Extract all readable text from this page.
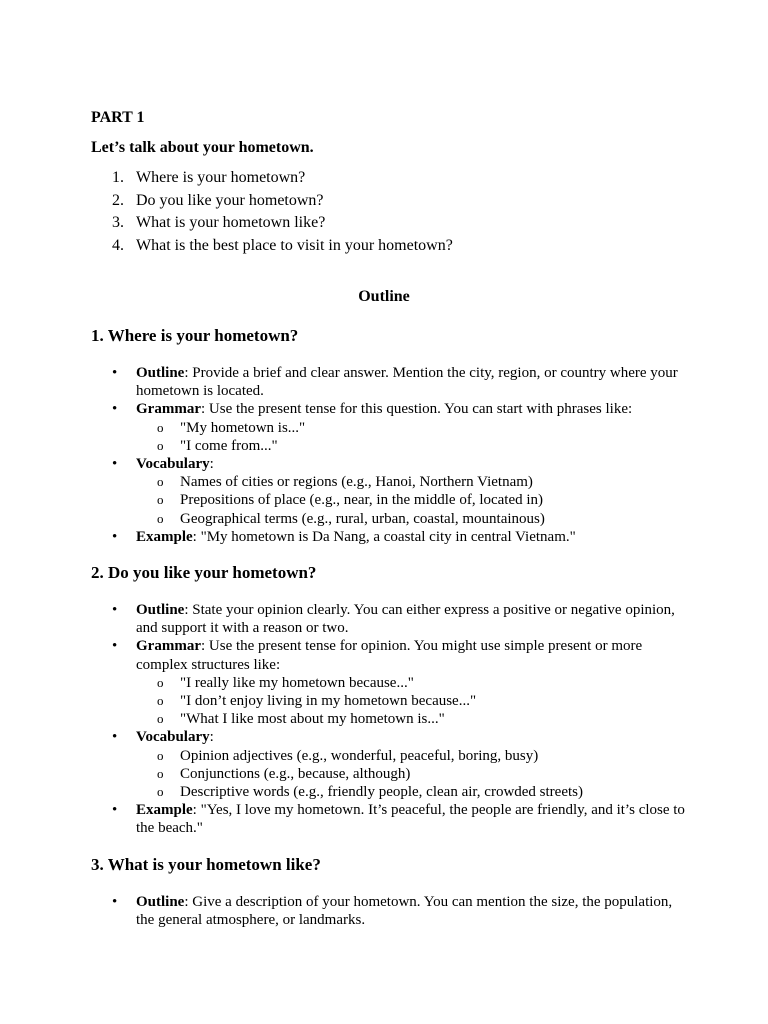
PART 1
Let’s talk about your hometown.
1. Where is your hometown?
2. Do you like your hometown?
3. What is your hometown like?
4. What is the best place to visit in your hometown?
Outline
1. Where is your hometown?
•	Outline: Provide a brief and clear answer. Mention the city, region, or country where your hometown is located.
•	Grammar: Use the present tense for this question. You can start with phrases like:
o	"My hometown is..."
o	"I come from..."
•	Vocabulary:
o	Names of cities or regions (e.g., Hanoi, Northern Vietnam)
o	Prepositions of place (e.g., near, in the middle of, located in)
o	Geographical terms (e.g., rural, urban, coastal, mountainous)
•	Example: "My hometown is Da Nang, a coastal city in central Vietnam."
2. Do you like your hometown?
•	Outline: State your opinion clearly. You can either express a positive or negative opinion, and support it with a reason or two.
•	Grammar: Use the present tense for opinion. You might use simple present or more complex structures like:
o	"I really like my hometown because..."
o	"I don’t enjoy living in my hometown because..."
o	"What I like most about my hometown is..."
•	Vocabulary:
o	Opinion adjectives (e.g., wonderful, peaceful, boring, busy)
o	Conjunctions (e.g., because, although)
o	Descriptive words (e.g., friendly people, clean air, crowded streets)
•	Example: "Yes, I love my hometown. It’s peaceful, the people are friendly, and it’s close to the beach."
3. What is your hometown like?
•	Outline: Give a description of your hometown. You can mention the size, the population, the general atmosphere, or landmarks.
